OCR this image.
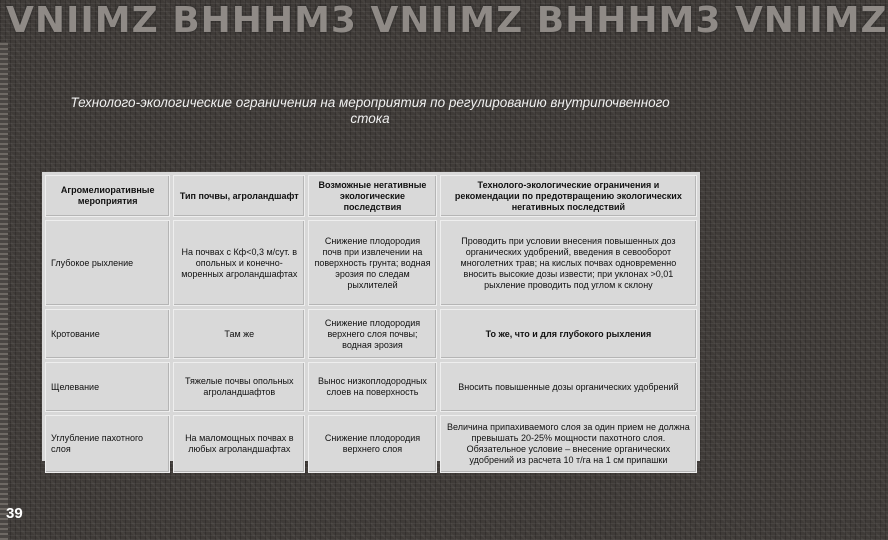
VNIIMZ BHHHM3 VNIIMZ BHHHM3 VNIIMZ
Технолого-экологические ограничения на мероприятия по регулированию внутрипочвенного стока
Агромелиоративные мероприятия	Тип почвы, агроландшафт	Возможные негативные экологические последствия	Технолого-экологические ограничения и рекомендации по предотвращению экологических негативных последствий
Глубокое рыхление	На почвах с Кф<0,3 м/сут. в опольных и конечно-моренных агроландшафтах	Снижение плодородия почв при извлечении на поверхность грунта; водная эрозия по следам рыхлителей	Проводить при условии внесения повышенных доз органических удобрений, введения в севооборот многолетних трав; на кислых почвах одновременно вносить высокие дозы извести; при уклонах >0,01 рыхление проводить под углом к склону
Кротование	Там же	Снижение плодородия верхнего слоя почвы; водная эрозия	То же, что и для глубокого рыхления
Щелевание	Тяжелые почвы опольных агроландшафтов	Вынос низкоплодородных слоев на поверхность	Вносить повышенные дозы органических удобрений
Углубление пахотного слоя	На маломощных почвах в любых агроландшафтах	Снижение плодородия верхнего слоя	Величина припахиваемого слоя за один прием не должна превышать 20-25% мощности пахотного слоя. Обязательное условие – внесение органических удобрений из расчета 10 т/га на 1 см припашки
39
